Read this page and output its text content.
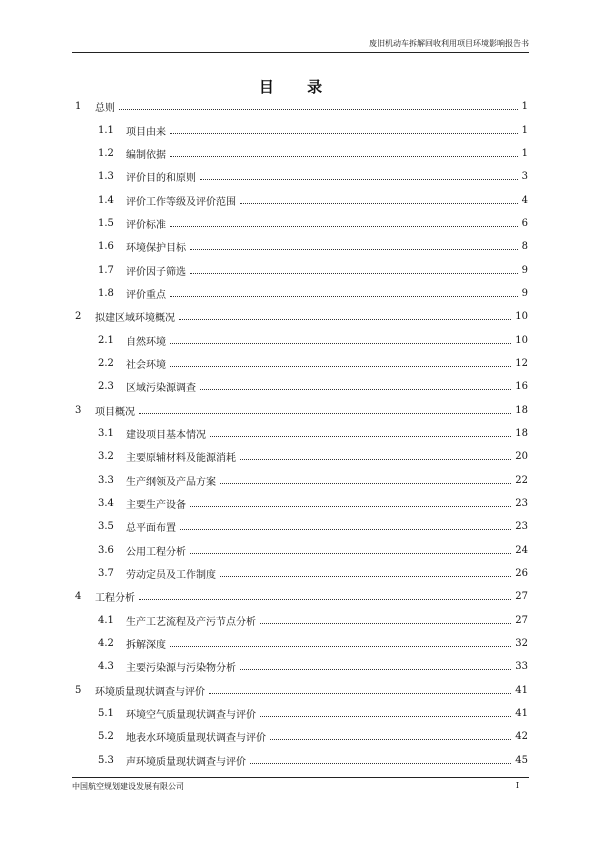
废旧机动车拆解回收利用项目环境影响报告书
目 录
1	总则	1
1.1	项目由来	1
1.2	编制依据	1
1.3	评价目的和原则	3
1.4	评价工作等级及评价范围	4
1.5	评价标准	6
1.6	环境保护目标	8
1.7	评价因子筛选	9
1.8	评价重点	9
2	拟建区域环境概况	10
2.1	自然环境	10
2.2	社会环境	12
2.3	区域污染源调查	16
3	项目概况	18
3.1	建设项目基本情况	18
3.2	主要原辅材料及能源消耗	20
3.3	生产纲领及产品方案	22
3.4	主要生产设备	23
3.5	总平面布置	23
3.6	公用工程分析	24
3.7	劳动定员及工作制度	26
4	工程分析	27
4.1	生产工艺流程及产污节点分析	27
4.2	拆解深度	32
4.3	主要污染源与污染物分析	33
5	环境质量现状调查与评价	41
5.1	环境空气质量现状调查与评价	41
5.2	地表水环境质量现状调查与评价	42
5.3	声环境质量现状调查与评价	45
中国航空规划建设发展有限公司	I
